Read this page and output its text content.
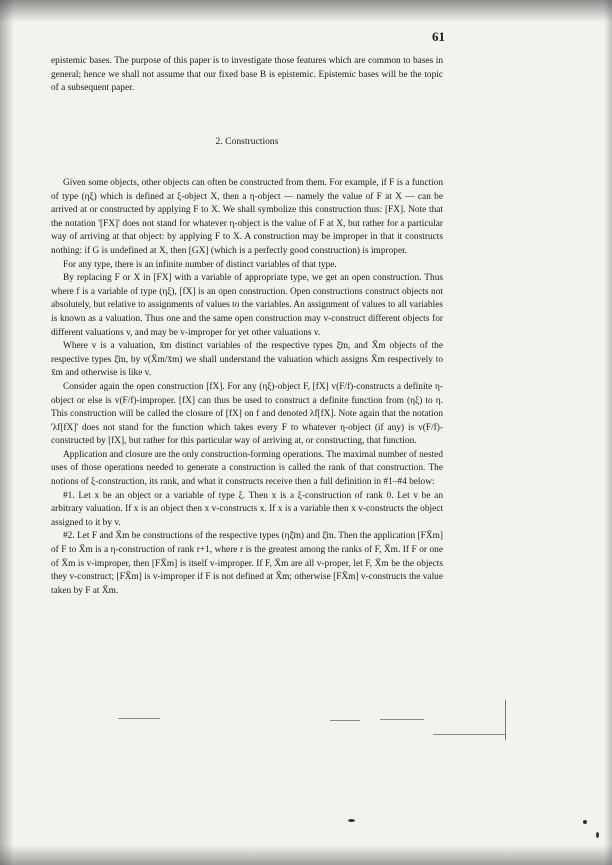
61

epistemic bases. The purpose of this paper is to investigate those features which are common to bases in general; hence we shall not assume that our fixed base B is epistemic. Epistemic bases will be the topic of a subsequent paper.

2. Constructions

Given some objects, other objects can often be constructed from them. For example, if F is a function of type (ηξ) which is defined at ξ-object X, then a η-object — namely the value of F at X — can be arrived at or constructed by applying F to X. We shall symbolize this construction thus: [FX]. Note that the notation '[FX]' does not stand for whatever η-object is the value of F at X, but rather for a particular way of arriving at that object: by applying F to X. A construction may be improper in that it constructs nothing: if G is undefined at X, then [GX] (which is a perfectly good construction) is improper.

For any type, there is an infinite number of distinct variables of that type.

By replacing F or X in [FX] with a variable of appropriate type, we get an open construction. Thus where f is a variable of type (ηξ), [fX] is an open construction. Open constructions construct objects not absolutely, but relative to assignments of values to the variables. An assignment of values to all variables is known as a valuation. Thus one and the same open construction may v-construct different objects for different valuations v, and may be v-improper for yet other valuations v.

Where v is a valuation, x̄m distinct variables of the respective types ξ̄m, and X̄m objects of the respective types ξ̄m, by v(X̄m/x̄m) we shall understand the valuation which assigns X̄m respectively to x̄m and otherwise is like v.

Consider again the open construction [fX]. For any (ηξ)-object F, [fX] v(F/f)-constructs a definite η-object or else is v(F/f)-improper. [fX] can thus be used to construct a definite function from (ηξ) to η. This construction will be called the closure of [fX] on f and denoted λf[fX]. Note again that the notation 'λf[fX]' does not stand for the function which takes every F to whatever η-object (if any) is v(F/f)-constructed by [fX], but rather for this particular way of arriving at, or constructing, that function.

Application and closure are the only construction-forming operations. The maximal number of nested uses of those operations needed to generate a construction is called the rank of that construction. The notions of ξ-construction, its rank, and what it constructs receive then a full definition in #1–#4 below:

#1. Let x be an object or a variable of type ξ. Then x is a ξ-construction of rank 0. Let v be an arbitrary valuation. If x is an object then x v-constructs x. If x is a variable then x v-constructs the object assigned to it by v.

#2. Let F and X̄m be constructions of the respective types (ηξ̄m) and ξ̄m. Then the application [FX̄m] of F to X̄m is a η-construction of rank r+1, where r is the greatest among the ranks of F, X̄m. If F or one of X̄m is v-improper, then [FX̄m] is itself v-improper. If F, X̄m are all v-proper, let F, X̄m be the objects they v-construct; [FX̄m] is v-improper if F is not defined at X̄m; otherwise [FX̄m] v-constructs the value taken by F at X̄m.
